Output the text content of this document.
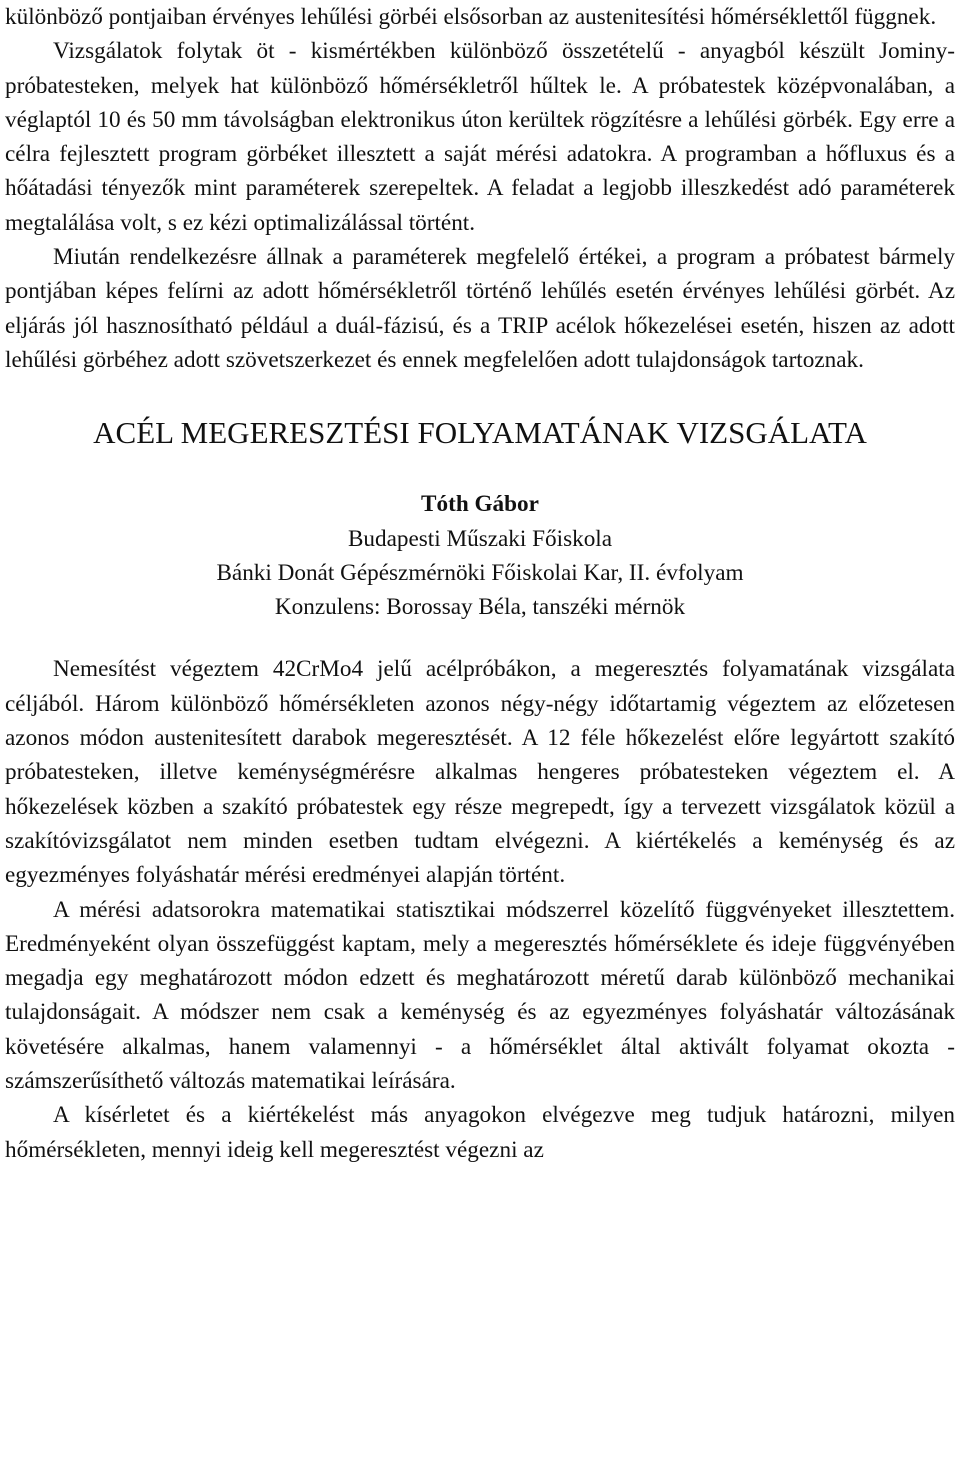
különböző pontjaiban érvényes lehűlési görbéi elsősorban az austenitesítési hőmérséklettől függnek.

Vizsgálatok folytak öt - kismértékben különböző összetételű - anyagból készült Jominy-próbatesteken, melyek hat különböző hőmérsékletről hűltek le. A próbatestek középvonalában, a véglaptól 10 és 50 mm távolságban elektronikus úton kerültek rögzítésre a lehűlési görbék. Egy erre a célra fejlesztett program görbéket illesztett a saját mérési adatokra. A programban a hőfluxus és a hőátadási tényezők mint paraméterek szerepeltek. A feladat a legjobb illeszkedést adó paraméterek megtalálása volt, s ez kézi optimalizálással történt.

Miután rendelkezésre állnak a paraméterek megfelelő értékei, a program a próbatest bármely pontjában képes felírni az adott hőmérsékletről történő lehűlés esetén érvényes lehűlési görbét. Az eljárás jól hasznosítható például a duál-fázisú, és a TRIP acélok hőkezelései esetén, hiszen az adott lehűlési görbéhez adott szövetszerkezet és ennek megfelelően adott tulajdonságok tartoznak.

ACÉL MEGERESZTÉSI FOLYAMATÁNAK VIZSGÁLATA
Tóth Gábor
Budapesti Műszaki Főiskola
Bánki Donát Gépészmérnöki Főiskolai Kar, II. évfolyam
Konzulens: Borossay Béla, tanszéki mérnök

Nemesítést végeztem 42CrMo4 jelű acélpróbákon, a megeresztés folyamatának vizsgálata céljából. Három különböző hőmérsékleten azonos négy-négy időtartamig végeztem az előzetesen azonos módon austenitesített darabok megeresztését. A 12 féle hőkezelést előre legyártott szakító próbatesteken, illetve keménységmérésre alkalmas hengeres próbatesteken végeztem el. A hőkezelések közben a szakító próbatestek egy része megrepedt, így a tervezett vizsgálatok közül a szakítóvizsgálatot nem minden esetben tudtam elvégezni. A kiértékelés a keménység és az egyezményes folyáshatár mérési eredményei alapján történt.

A mérési adatsorokra matematikai statisztikai módszerrel közelítő függvényeket illesztettem. Eredményeként olyan összefüggést kaptam, mely a megeresztés hőmérséklete és ideje függvényében megadja egy meghatározott módon edzett és meghatározott méretű darab különböző mechanikai tulajdonságait. A módszer nem csak a keménység és az egyezményes folyáshatár változásának követésére alkalmas, hanem valamennyi - a hőmérséklet által aktivált folyamat okozta - számszerűsíthető változás matematikai leírására.

A kísérletet és a kiértékelést más anyagokon elvégezve meg tudjuk határozni, milyen hőmérsékleten, mennyi ideig kell megeresztést végezni az
